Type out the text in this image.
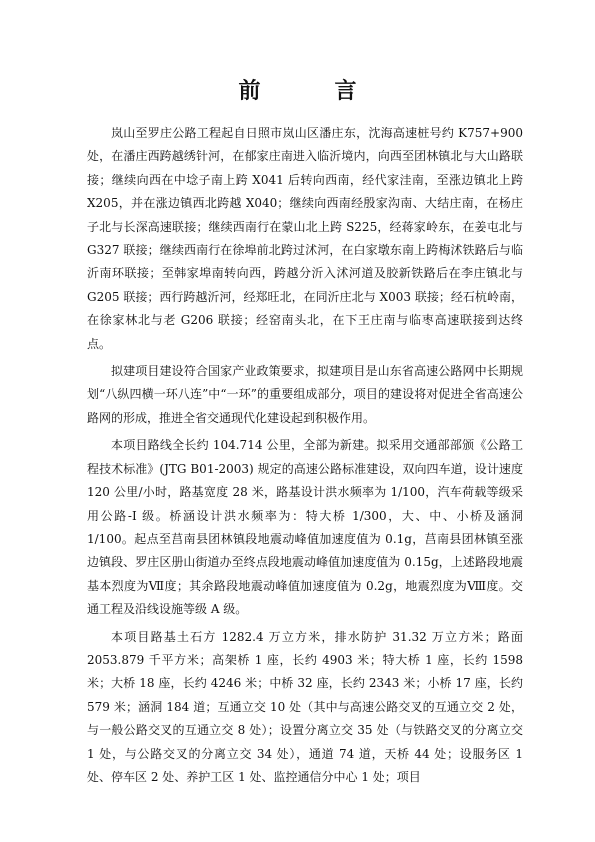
前　言

岚山至罗庄公路工程起自日照市岚山区潘庄东，沈海高速桩号约 K757+900 处，在潘庄西跨越绣针河，在郁家庄南进入临沂境内，向西至团林镇北与大山路联接；继续向西在中埝子南上跨 X041 后转向西南，经代家洼南，至涨边镇北上跨 X205，并在涨边镇西北跨越 X040；继续向西南经殷家沟南、大结庄南，在杨庄子北与长深高速联接；继续西南行在蒙山北上跨 S225，经蒋家岭东，在姜屯北与 G327 联接；继续西南行在徐埠前北跨过沭河，在白家墩东南上跨梅沭铁路后与临沂南环联接；至韩家埠南转向西，跨越分沂入沭河道及胶新铁路后在李庄镇北与 G205 联接；西行跨越沂河，经郑旺北，在同沂庄北与 X003 联接；经石杭岭南，在徐家林北与老 G206 联接；经窑南头北，在下王庄南与临枣高速联接到达终点。

拟建项目建设符合国家产业政策要求，拟建项目是山东省高速公路网中长期规划“八纵四横一环八连”中“一环”的重要组成部分，项目的建设将对促进全省高速公路网的形成，推进全省交通现代化建设起到积极作用。

本项目路线全长约 104.714 公里，全部为新建。拟采用交通部部颁《公路工程技术标准》(JTG B01-2003) 规定的高速公路标准建设，双向四车道，设计速度 120 公里/小时，路基宽度 28 米，路基设计洪水频率为 1/100，汽车荷载等级采用公路-I 级。桥涵设计洪水频率为：特大桥 1/300，大、中、小桥及涵洞 1/100。起点至莒南县团林镇段地震动峰值加速度值为 0.1g，莒南县团林镇至涨边镇段、罗庄区册山街道办至终点段地震动峰值加速度值为 0.15g，上述路段地震基本烈度为Ⅶ度；其余路段地震动峰值加速度值为 0.2g，地震烈度为Ⅷ度。交通工程及沿线设施等级 A 级。

本项目路基土石方 1282.4 万立方米，排水防护 31.32 万立方米；路面 2053.879 千平方米；高架桥 1 座，长约 4903 米；特大桥 1 座，长约 1598 米；大桥 18 座，长约 4246 米；中桥 32 座，长约 2343 米；小桥 17 座，长约 579 米；涵洞 184 道；互通立交 10 处（其中与高速公路交叉的互通立交 2 处，与一般公路交叉的互通立交 8 处）；设置分离立交 35 处（与铁路交叉的分离立交 1 处，与公路交叉的分离立交 34 处），通道 74 道，天桥 44 处；设服务区 1 处、停车区 2 处、养护工区 1 处、监控通信分中心 1 处；项目
